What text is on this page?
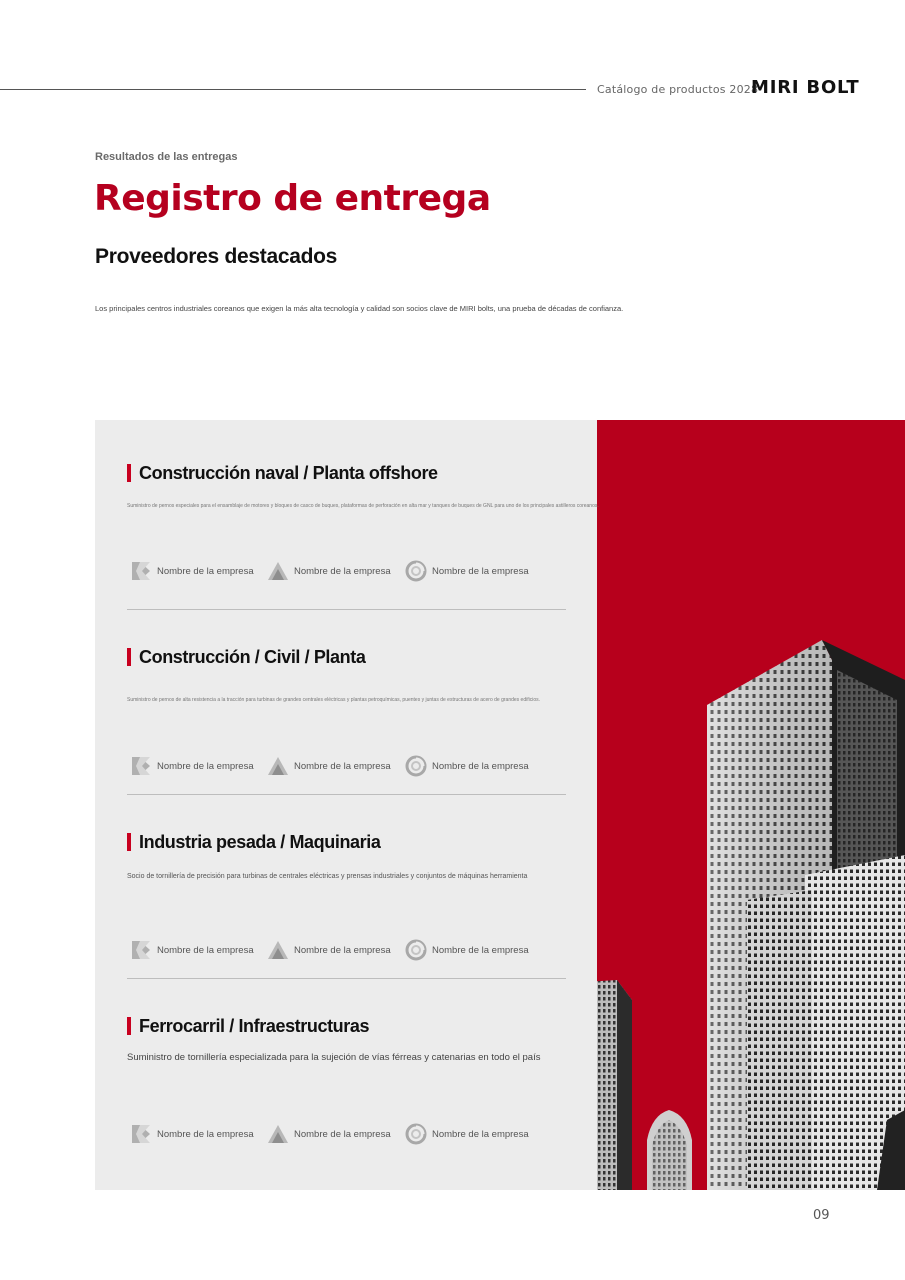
Catálogo de productos 2028
MIRI BOLT
Resultados de las entregas
Registro de entrega
Proveedores destacados

Los principales centros industriales coreanos que exigen la más alta tecnología y calidad son socios clave de MIRI bolts, una prueba de décadas de confianza.

Construcción naval / Planta offshore
Suministro de pernos especiales para el ensamblaje de motores y bloques de casco de buques, plataformas de perforación en alta mar y tanques de buques de GNL para uno de los principales astilleros coreanos.
Nombre de la empresa	Nombre de la empresa	Nombre de la empresa
Construcción / Civil / Planta
Suministro de pernos de alta resistencia a la tracción para turbinas de grandes centrales eléctricas y plantas petroquímicas, puentes y juntas de estructuras de acero de grandes edificios.
Nombre de la empresa	Nombre de la empresa	Nombre de la empresa
Industria pesada / Maquinaria
Socio de tornillería de precisión para turbinas de centrales eléctricas y prensas industriales y conjuntos de máquinas herramienta
Nombre de la empresa	Nombre de la empresa	Nombre de la empresa
Ferrocarril / Infraestructuras
Suministro de tornillería especializada para la sujeción de vías férreas y catenarias en todo el país
Nombre de la empresa	Nombre de la empresa	Nombre de la empresa
09
